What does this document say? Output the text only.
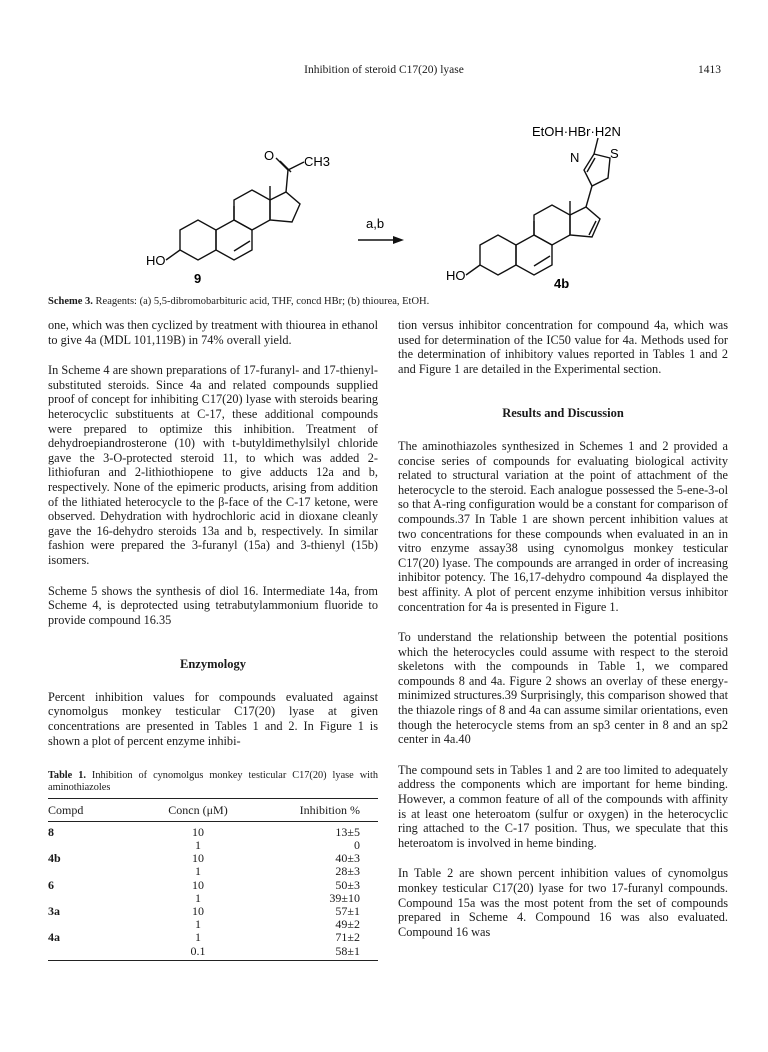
Inhibition of steroid C17(20) lyase	1413
O CH3
a,b
EtOH·HBr·H2N
S
N
HO
HO
9	4b
Scheme 3. Reagents: (a) 5,5-dibromobarbituric acid, THF, concd HBr; (b) thiourea, EtOH.

one, which was then cyclized by treatment with thiourea in ethanol to give 4a (MDL 101,119B) in 74% overall yield.

In Scheme 4 are shown preparations of 17-furanyl- and 17-thienyl-substituted steroids. Since 4a and related compounds supplied proof of concept for inhibiting C17(20) lyase with steroids bearing heterocyclic substituents at C-17, these additional compounds were prepared to optimize this inhibition. Treatment of dehydroepiandrosterone (10) with t-butyldimethylsilyl chloride gave the 3-O-protected steroid 11, to which was added 2-lithiofuran and 2-lithiothiopene to give adducts 12a and b, respectively. None of the epimeric products, arising from addition of the lithiated heterocycle to the β-face of the C-17 ketone, were observed. Dehydration with hydrochloric acid in dioxane cleanly gave the 16-dehydro steroids 13a and b, respectively. In similar fashion were prepared the 3-furanyl (15a) and 3-thienyl (15b) isomers.

Scheme 5 shows the synthesis of diol 16. Intermediate 14a, from Scheme 4, is deprotected using tetrabutylammonium fluoride to provide compound 16.35

Enzymology

Percent inhibition values for compounds evaluated against cynomolgus monkey testicular C17(20) lyase at given concentrations are presented in Tables 1 and 2. In Figure 1 is shown a plot of percent enzyme inhibi-

Table 1. Inhibition of cynomolgus monkey testicular C17(20) lyase with aminothiazoles

Compd	Concn (μM)	Inhibition %
8	10	13±5
	1	0
4b	10	40±3
	1	28±3
6	10	50±3
	1	39±10
3a	10	57±1
	1	49±2
4a	1	71±2
	0.1	58±1

tion versus inhibitor concentration for compound 4a, which was used for determination of the IC50 value for 4a. Methods used for the determination of inhibitory values reported in Tables 1 and 2 and Figure 1 are detailed in the Experimental section.

Results and Discussion

The aminothiazoles synthesized in Schemes 1 and 2 provided a concise series of compounds for evaluating biological activity related to structural variation at the point of attachment of the heterocycle to the steroid. Each analogue possessed the 5-ene-3-ol so that A-ring configuration would be a constant for comparison of compounds.37 In Table 1 are shown percent inhibition values at two concentrations for these compounds when evaluated in an in vitro enzyme assay38 using cynomolgus monkey testicular C17(20) lyase. The compounds are arranged in order of increasing inhibitor potency. The 16,17-dehydro compound 4a displayed the best affinity. A plot of percent enzyme inhibition versus inhibitor concentration for 4a is presented in Figure 1.

To understand the relationship between the potential positions which the heterocycles could assume with respect to the steroid skeletons with the compounds in Table 1, we compared compounds 8 and 4a. Figure 2 shows an overlay of these energy-minimized structures.39 Surprisingly, this comparison showed that the thiazole rings of 8 and 4a can assume similar orientations, even though the heterocycle stems from an sp3 center in 8 and an sp2 center in 4a.40

The compound sets in Tables 1 and 2 are too limited to adequately address the components which are important for heme binding. However, a common feature of all of the compounds with affinity is at least one heteroatom (sulfur or oxygen) in the heterocyclic ring attached to the C-17 position. Thus, we speculate that this heteroatom is involved in heme binding.

In Table 2 are shown percent inhibition values of cynomolgus monkey testicular C17(20) lyase for two 17-furanyl compounds. Compound 15a was the most potent from the set of compounds prepared in Scheme 4. Compound 16 was also evaluated. Compound 16 was
